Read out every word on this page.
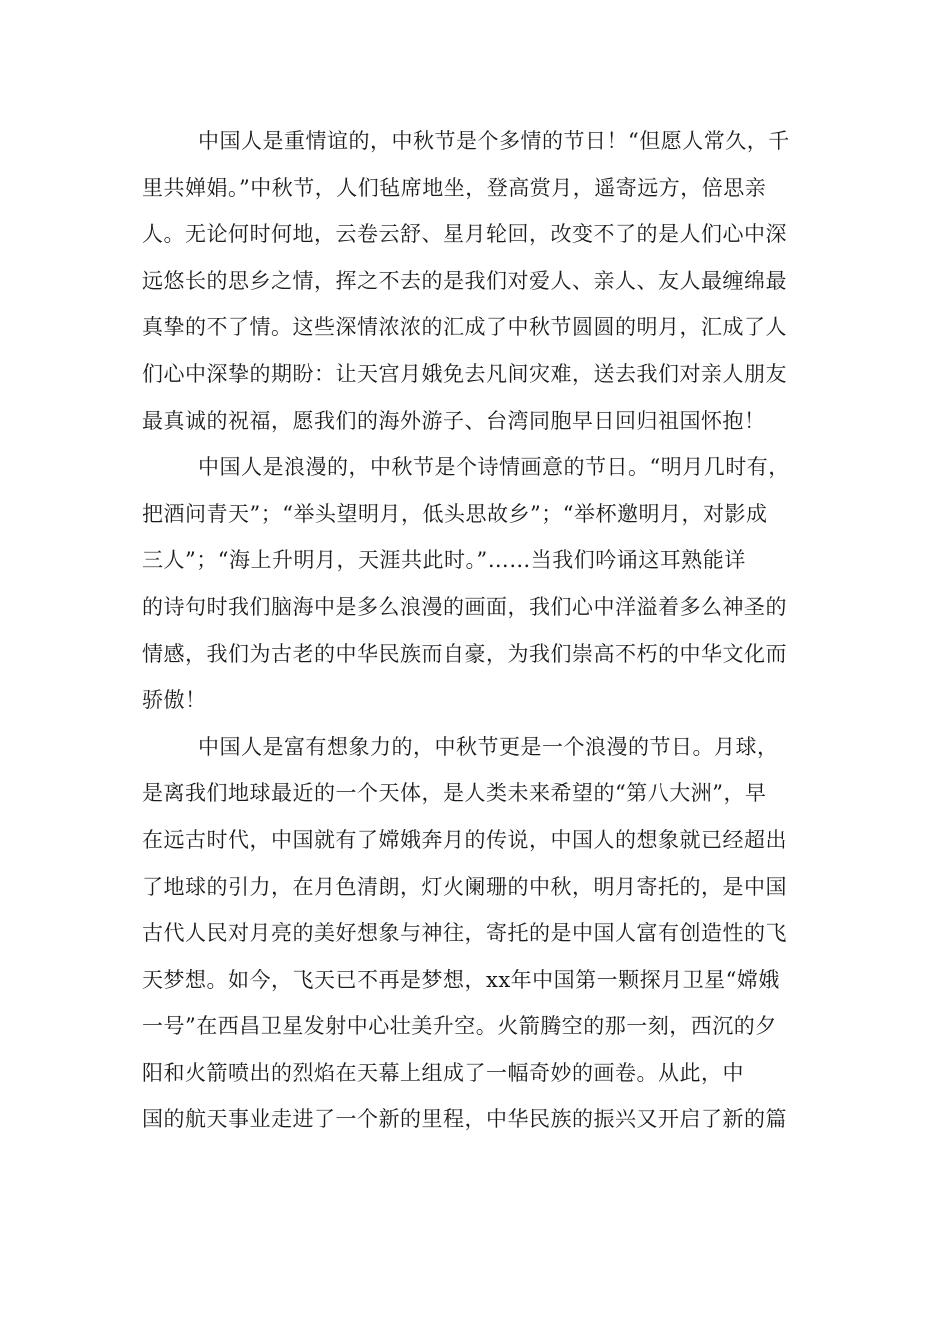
中国人是重情谊的，中秋节是个多情的节日！“但愿人常久，千
里共婵娟。”中秋节，人们毡席地坐，登高赏月，遥寄远方，倍思亲
人。无论何时何地，云卷云舒、星月轮回，改变不了的是人们心中深
远悠长的思乡之情，挥之不去的是我们对爱人、亲人、友人最缠绵最
真挚的不了情。这些深情浓浓的汇成了中秋节圆圆的明月，汇成了人
们心中深挚的期盼：让天宫月娥免去凡间灾难，送去我们对亲人朋友
最真诚的祝福，愿我们的海外游子、台湾同胞早日回归祖国怀抱！
中国人是浪漫的，中秋节是个诗情画意的节日。“明月几时有，
把酒问青天”；“举头望明月，低头思故乡”；“举杯邀明月，对影成
三人”；“海上升明月，天涯共此时。”……当我们吟诵这耳熟能详
的诗句时我们脑海中是多么浪漫的画面，我们心中洋溢着多么神圣的
情感，我们为古老的中华民族而自豪，为我们崇高不朽的中华文化而
骄傲！
中国人是富有想象力的，中秋节更是一个浪漫的节日。月球，
是离我们地球最近的一个天体，是人类未来希望的“第八大洲”，早
在远古时代，中国就有了嫦娥奔月的传说，中国人的想象就已经超出
了地球的引力，在月色清朗，灯火阑珊的中秋，明月寄托的，是中国
古代人民对月亮的美好想象与神往，寄托的是中国人富有创造性的飞
天梦想。如今，飞天已不再是梦想，xx年中国第一颗探月卫星“嫦娥
一号”在西昌卫星发射中心壮美升空。火箭腾空的那一刻，西沉的夕
阳和火箭喷出的烈焰在天幕上组成了一幅奇妙的画卷。从此，中
国的航天事业走进了一个新的里程，中华民族的振兴又开启了新的篇
